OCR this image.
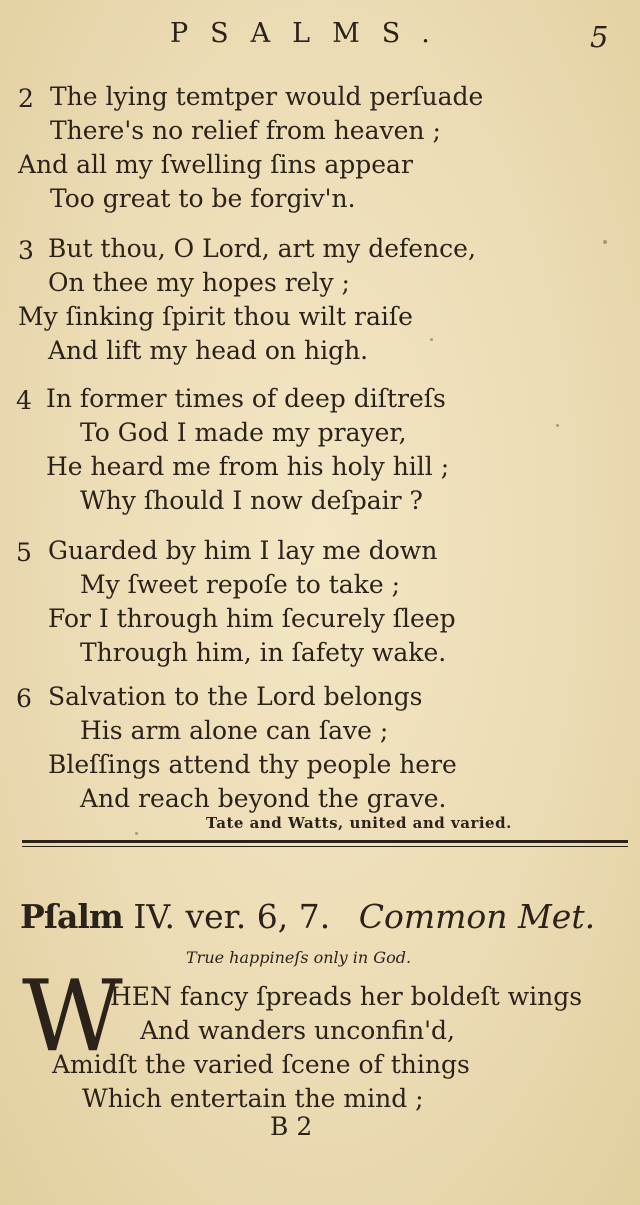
PSALMS.	5
2 The lying temtper would perſuade
There's no relief from heaven ;
And all my ſwelling ſins appear
Too great to be forgiv'n.
3 But thou, O Lord, art my defence,
On thee my hopes rely ;
My ſinking ſpirit thou wilt raiſe
And lift my head on high.
4 In former times of deep diſtreſs
To God I made my prayer,
He heard me from his holy hill ;
Why ſhould I now deſpair ?
5 Guarded by him I lay me down
My ſweet repoſe to take ;
For I through him ſecurely ſleep
Through him, in ſafety wake.
6 Salvation to the Lord belongs
His arm alone can ſave ;
Bleſſings attend thy people here
And reach beyond the grave.
Tate and Watts, united and varied.
Pſalm IV. ver. 6, 7. Common Met.
True happineſs only in God.
W
HEN fancy ſpreads her boldeſt wings
And wanders unconfin'd,
Amidſt the varied ſcene of things
Which entertain the mind ;
B 2
